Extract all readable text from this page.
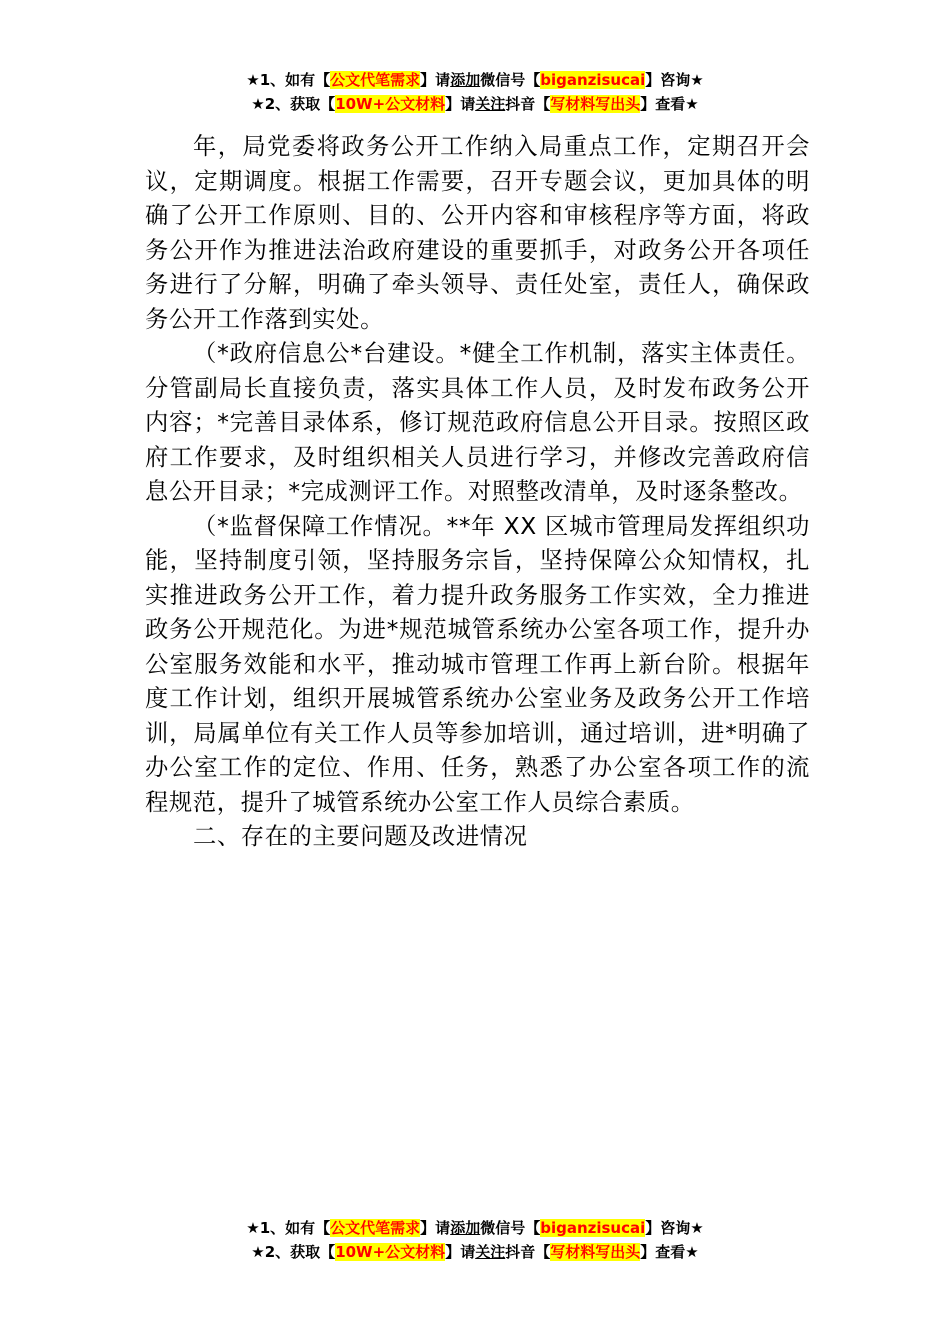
★1、如有【公文代笔需求】请添加微信号【biganzisucai】咨询★
★2、获取【10W+公文材料】请关注抖音【写材料写出头】查看★

年，局党委将政务公开工作纳入局重点工作，定期召开会议，定期调度。根据工作需要，召开专题会议，更加具体的明确了公开工作原则、目的、公开内容和审核程序等方面，将政务公开作为推进法治政府建设的重要抓手，对政务公开各项任务进行了分解，明确了牵头领导、责任处室，责任人，确保政务公开工作落到实处。

（*政府信息公*台建设。*健全工作机制，落实主体责任。分管副局长直接负责，落实具体工作人员，及时发布政务公开内容；*完善目录体系，修订规范政府信息公开目录。按照区政府工作要求，及时组织相关人员进行学习，并修改完善政府信息公开目录；*完成测评工作。对照整改清单，及时逐条整改。

（*监督保障工作情况。**年 XX 区城市管理局发挥组织功能，坚持制度引领，坚持服务宗旨，坚持保障公众知情权，扎实推进政务公开工作，着力提升政务服务工作实效，全力推进政务公开规范化。为进*规范城管系统办公室各项工作，提升办公室服务效能和水平，推动城市管理工作再上新台阶。根据年度工作计划，组织开展城管系统办公室业务及政务公开工作培训，局属单位有关工作人员等参加培训，通过培训，进*明确了办公室工作的定位、作用、任务，熟悉了办公室各项工作的流程规范，提升了城管系统办公室工作人员综合素质。

二、存在的主要问题及改进情况

★1、如有【公文代笔需求】请添加微信号【biganzisucai】咨询★
★2、获取【10W+公文材料】请关注抖音【写材料写出头】查看★
